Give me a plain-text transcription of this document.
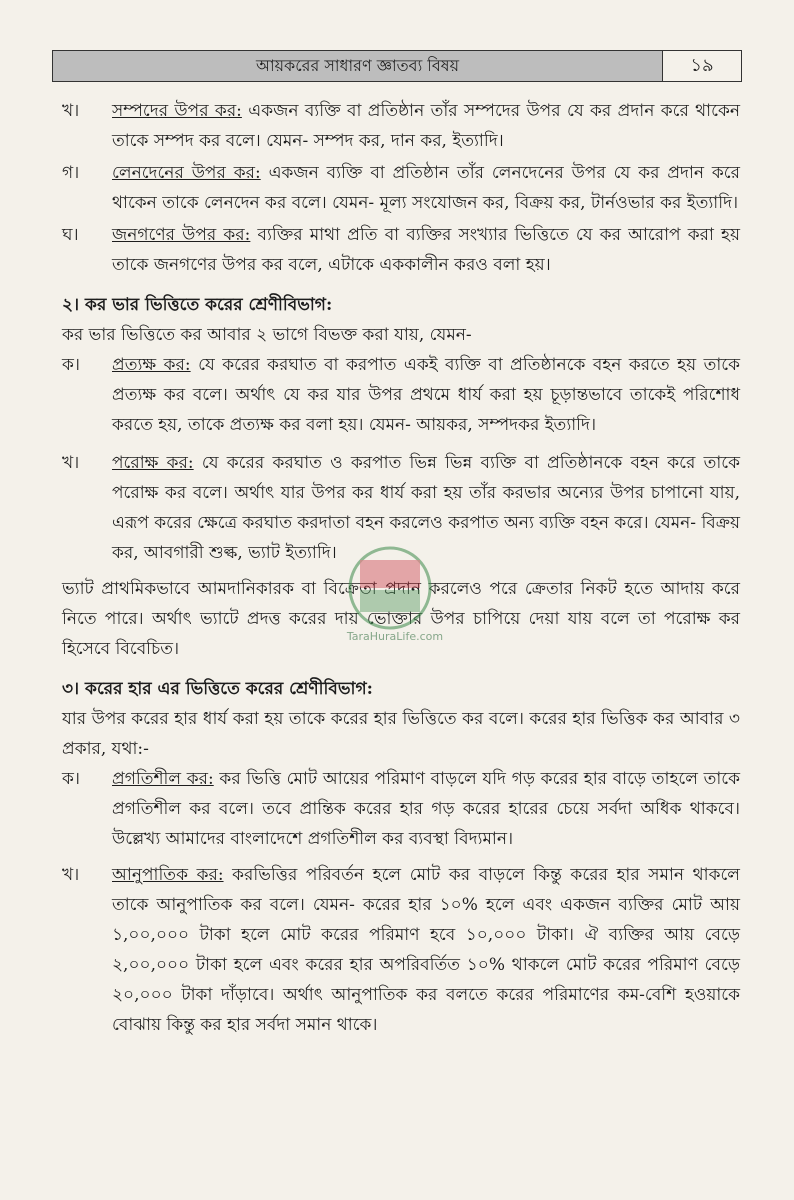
আয়করের সাধারণ জ্ঞাতব্য বিষয়	১৯
খ।	সম্পদের উপর কর: একজন ব্যক্তি বা প্রতিষ্ঠান তাঁর সম্পদের উপর যে কর প্রদান করে থাকেন তাকে সম্পদ কর বলে। যেমন- সম্পদ কর, দান কর, ইত্যাদি।
গ।	লেনদেনের উপর কর: একজন ব্যক্তি বা প্রতিষ্ঠান তাঁর লেনদেনের উপর যে কর প্রদান করে থাকেন তাকে লেনদেন কর বলে। যেমন- মূল্য সংযোজন কর, বিক্রয় কর, টার্নওভার কর ইত্যাদি।
ঘ।	জনগণের উপর কর: ব্যক্তির মাথা প্রতি বা ব্যক্তির সংখ্যার ভিত্তিতে যে কর আরোপ করা হয় তাকে জনগণের উপর কর বলে, এটাকে এককালীন করও বলা হয়।
২। কর ভার ভিত্তিতে করের শ্রেণীবিভাগ:
কর ভার ভিত্তিতে কর আবার ২ ভাগে বিভক্ত করা যায়, যেমন-
ক।	প্রত্যক্ষ কর: যে করের করঘাত বা করপাত একই ব্যক্তি বা প্রতিষ্ঠানকে বহন করতে হয় তাকে প্রত্যক্ষ কর বলে। অর্থাৎ যে কর যার উপর প্রথমে ধার্য করা হয় চূড়ান্তভাবে তাকেই পরিশোধ করতে হয়, তাকে প্রত্যক্ষ কর বলা হয়। যেমন- আয়কর, সম্পদকর ইত্যাদি।
খ।	পরোক্ষ কর: যে করের করঘাত ও করপাত ভিন্ন ভিন্ন ব্যক্তি বা প্রতিষ্ঠানকে বহন করে তাকে পরোক্ষ কর বলে। অর্থাৎ যার উপর কর ধার্য করা হয় তাঁর করভার অন্যের উপর চাপানো যায়, এরূপ করের ক্ষেত্রে করঘাত করদাতা বহন করলেও করপাত অন্য ব্যক্তি বহন করে। যেমন- বিক্রয় কর, আবগারী শুল্ক, ভ্যাট ইত্যাদি।
ভ্যাট প্রাথমিকভাবে আমদানিকারক বা বিক্রেতা প্রদান করলেও পরে ক্রেতার নিকট হতে আদায় করে নিতে পারে। অর্থাৎ ভ্যাটে প্রদত্ত করের দায় ভোক্তার উপর চাপিয়ে দেয়া যায় বলে তা পরোক্ষ কর হিসেবে বিবেচিত।
৩। করের হার এর ভিত্তিতে করের শ্রেণীবিভাগ:
যার উপর করের হার ধার্য করা হয় তাকে করের হার ভিত্তিতে কর বলে। করের হার ভিত্তিক কর আবার ৩ প্রকার, যথা:-
ক।	প্রগতিশীল কর: কর ভিত্তি মোট আয়ের পরিমাণ বাড়লে যদি গড় করের হার বাড়ে তাহলে তাকে প্রগতিশীল কর বলে। তবে প্রান্তিক করের হার গড় করের হারের চেয়ে সর্বদা অধিক থাকবে। উল্লেখ্য আমাদের বাংলাদেশে প্রগতিশীল কর ব্যবস্থা বিদ্যমান।
খ।	আনুপাতিক কর: করভিত্তির পরিবর্তন হলে মোট কর বাড়লে কিন্তু করের হার সমান থাকলে তাকে আনুপাতিক কর বলে। যেমন- করের হার ১০% হলে এবং একজন ব্যক্তির মোট আয় ১,০০,০০০ টাকা হলে মোট করের পরিমাণ হবে ১০,০০০ টাকা। ঐ ব্যক্তির আয় বেড়ে ২,০০,০০০ টাকা হলে এবং করের হার অপরিবর্তিত ১০% থাকলে মোট করের পরিমাণ বেড়ে ২০,০০০ টাকা দাঁড়াবে। অর্থাৎ আনুপাতিক কর বলতে করের পরিমাণের কম-বেশি হওয়াকে বোঝায় কিন্তু কর হার সর্বদা সমান থাকে।
TaraHuraLife.com
